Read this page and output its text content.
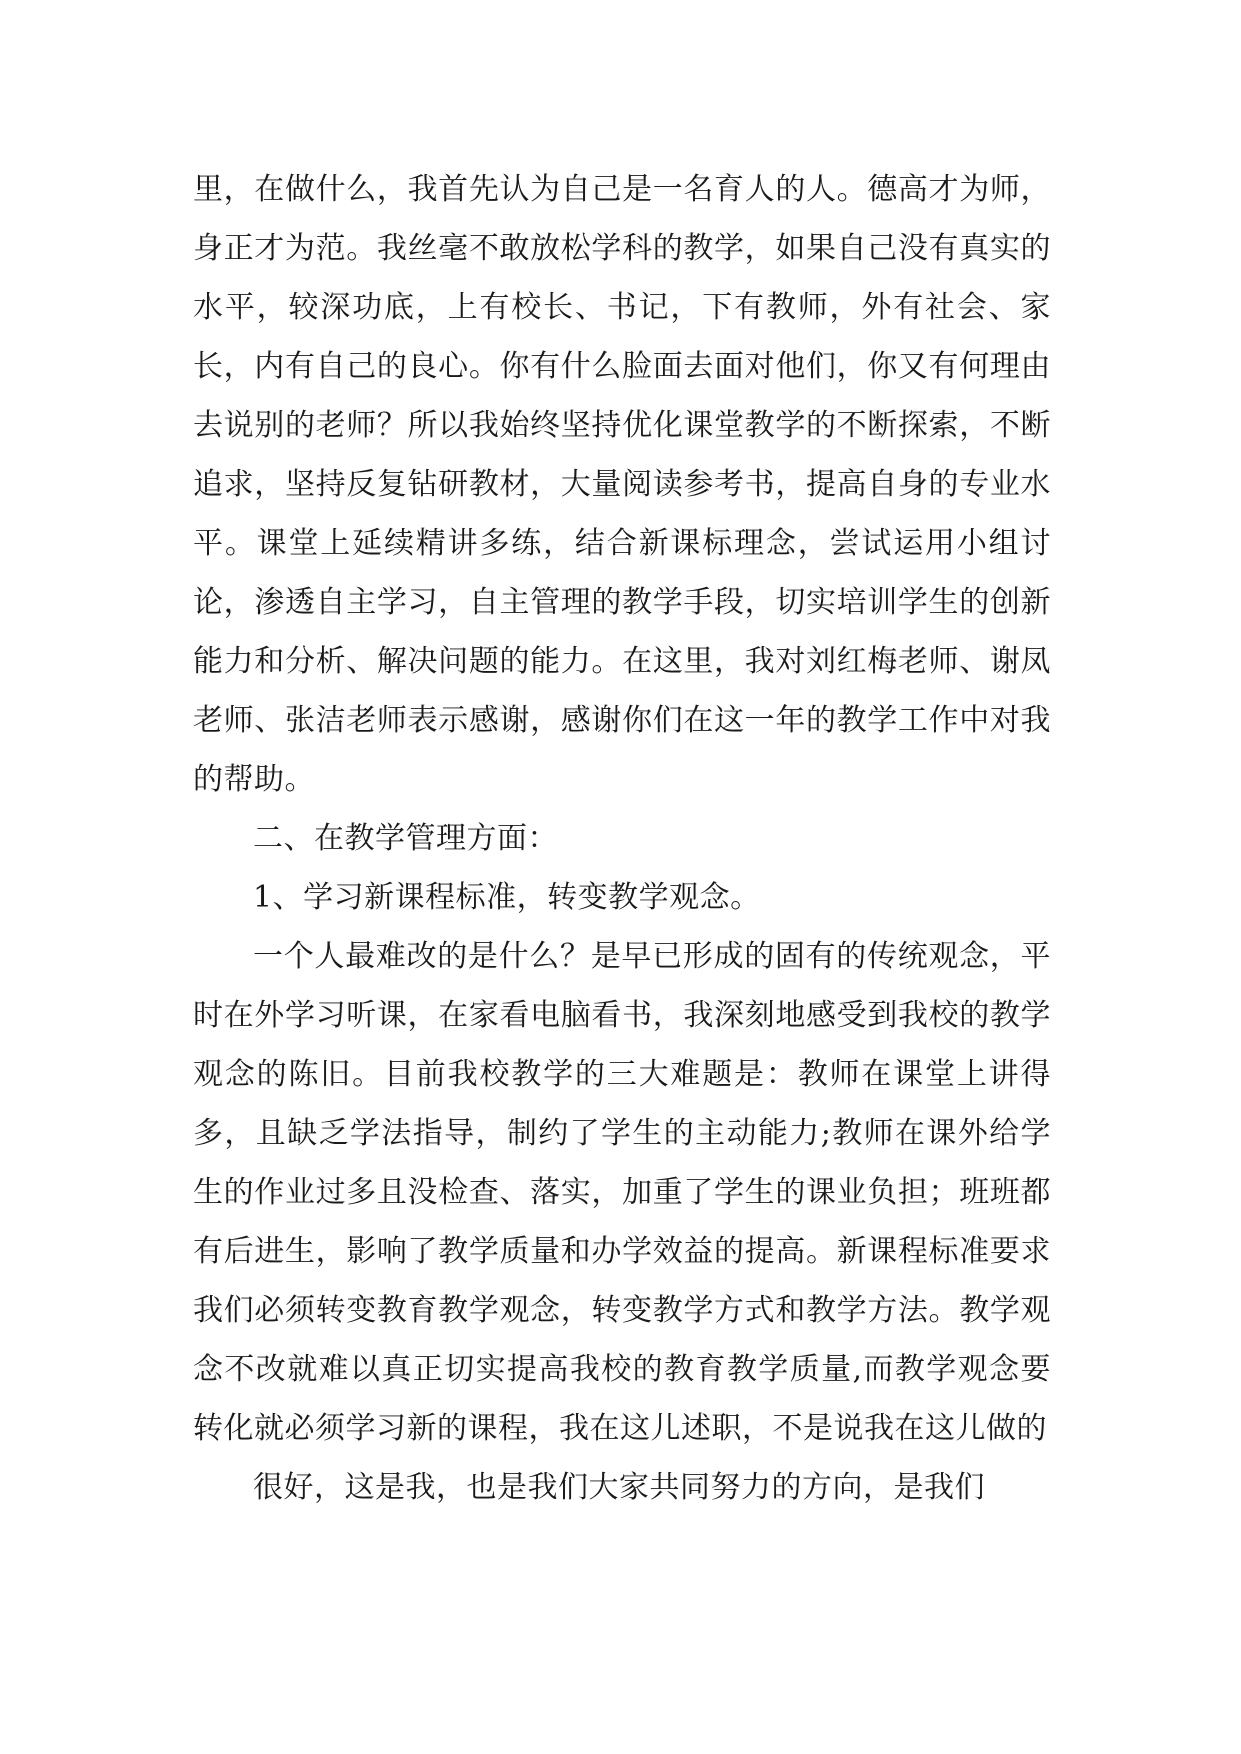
里，在做什么，我首先认为自己是一名育人的人。德高才为师，身正才为范。我丝毫不敢放松学科的教学，如果自己没有真实的水平，较深功底，上有校长、书记，下有教师，外有社会、家长，内有自己的良心。你有什么脸面去面对他们，你又有何理由去说别的老师？所以我始终坚持优化课堂教学的不断探索，不断追求，坚持反复钻研教材，大量阅读参考书，提高自身的专业水平。课堂上延续精讲多练，结合新课标理念，尝试运用小组讨论，渗透自主学习，自主管理的教学手段，切实培训学生的创新能力和分析、解决问题的能力。在这里，我对刘红梅老师、谢凤老师、张洁老师表示感谢，感谢你们在这一年的教学工作中对我的帮助。

二、在教学管理方面：

1、学习新课程标准，转变教学观念。

一个人最难改的是什么？是早已形成的固有的传统观念，平时在外学习听课，在家看电脑看书，我深刻地感受到我校的教学观念的陈旧。目前我校教学的三大难题是：教师在课堂上讲得多，且缺乏学法指导，制约了学生的主动能力;教师在课外给学生的作业过多且没检查、落实，加重了学生的课业负担；班班都有后进生，影响了教学质量和办学效益的提高。新课程标准要求我们必须转变教育教学观念，转变教学方式和教学方法。教学观念不改就难以真正切实提高我校的教育教学质量,而教学观念要转化就必须学习新的课程，我在这儿述职，不是说我在这儿做的

很好，这是我，也是我们大家共同努力的方向，是我们
